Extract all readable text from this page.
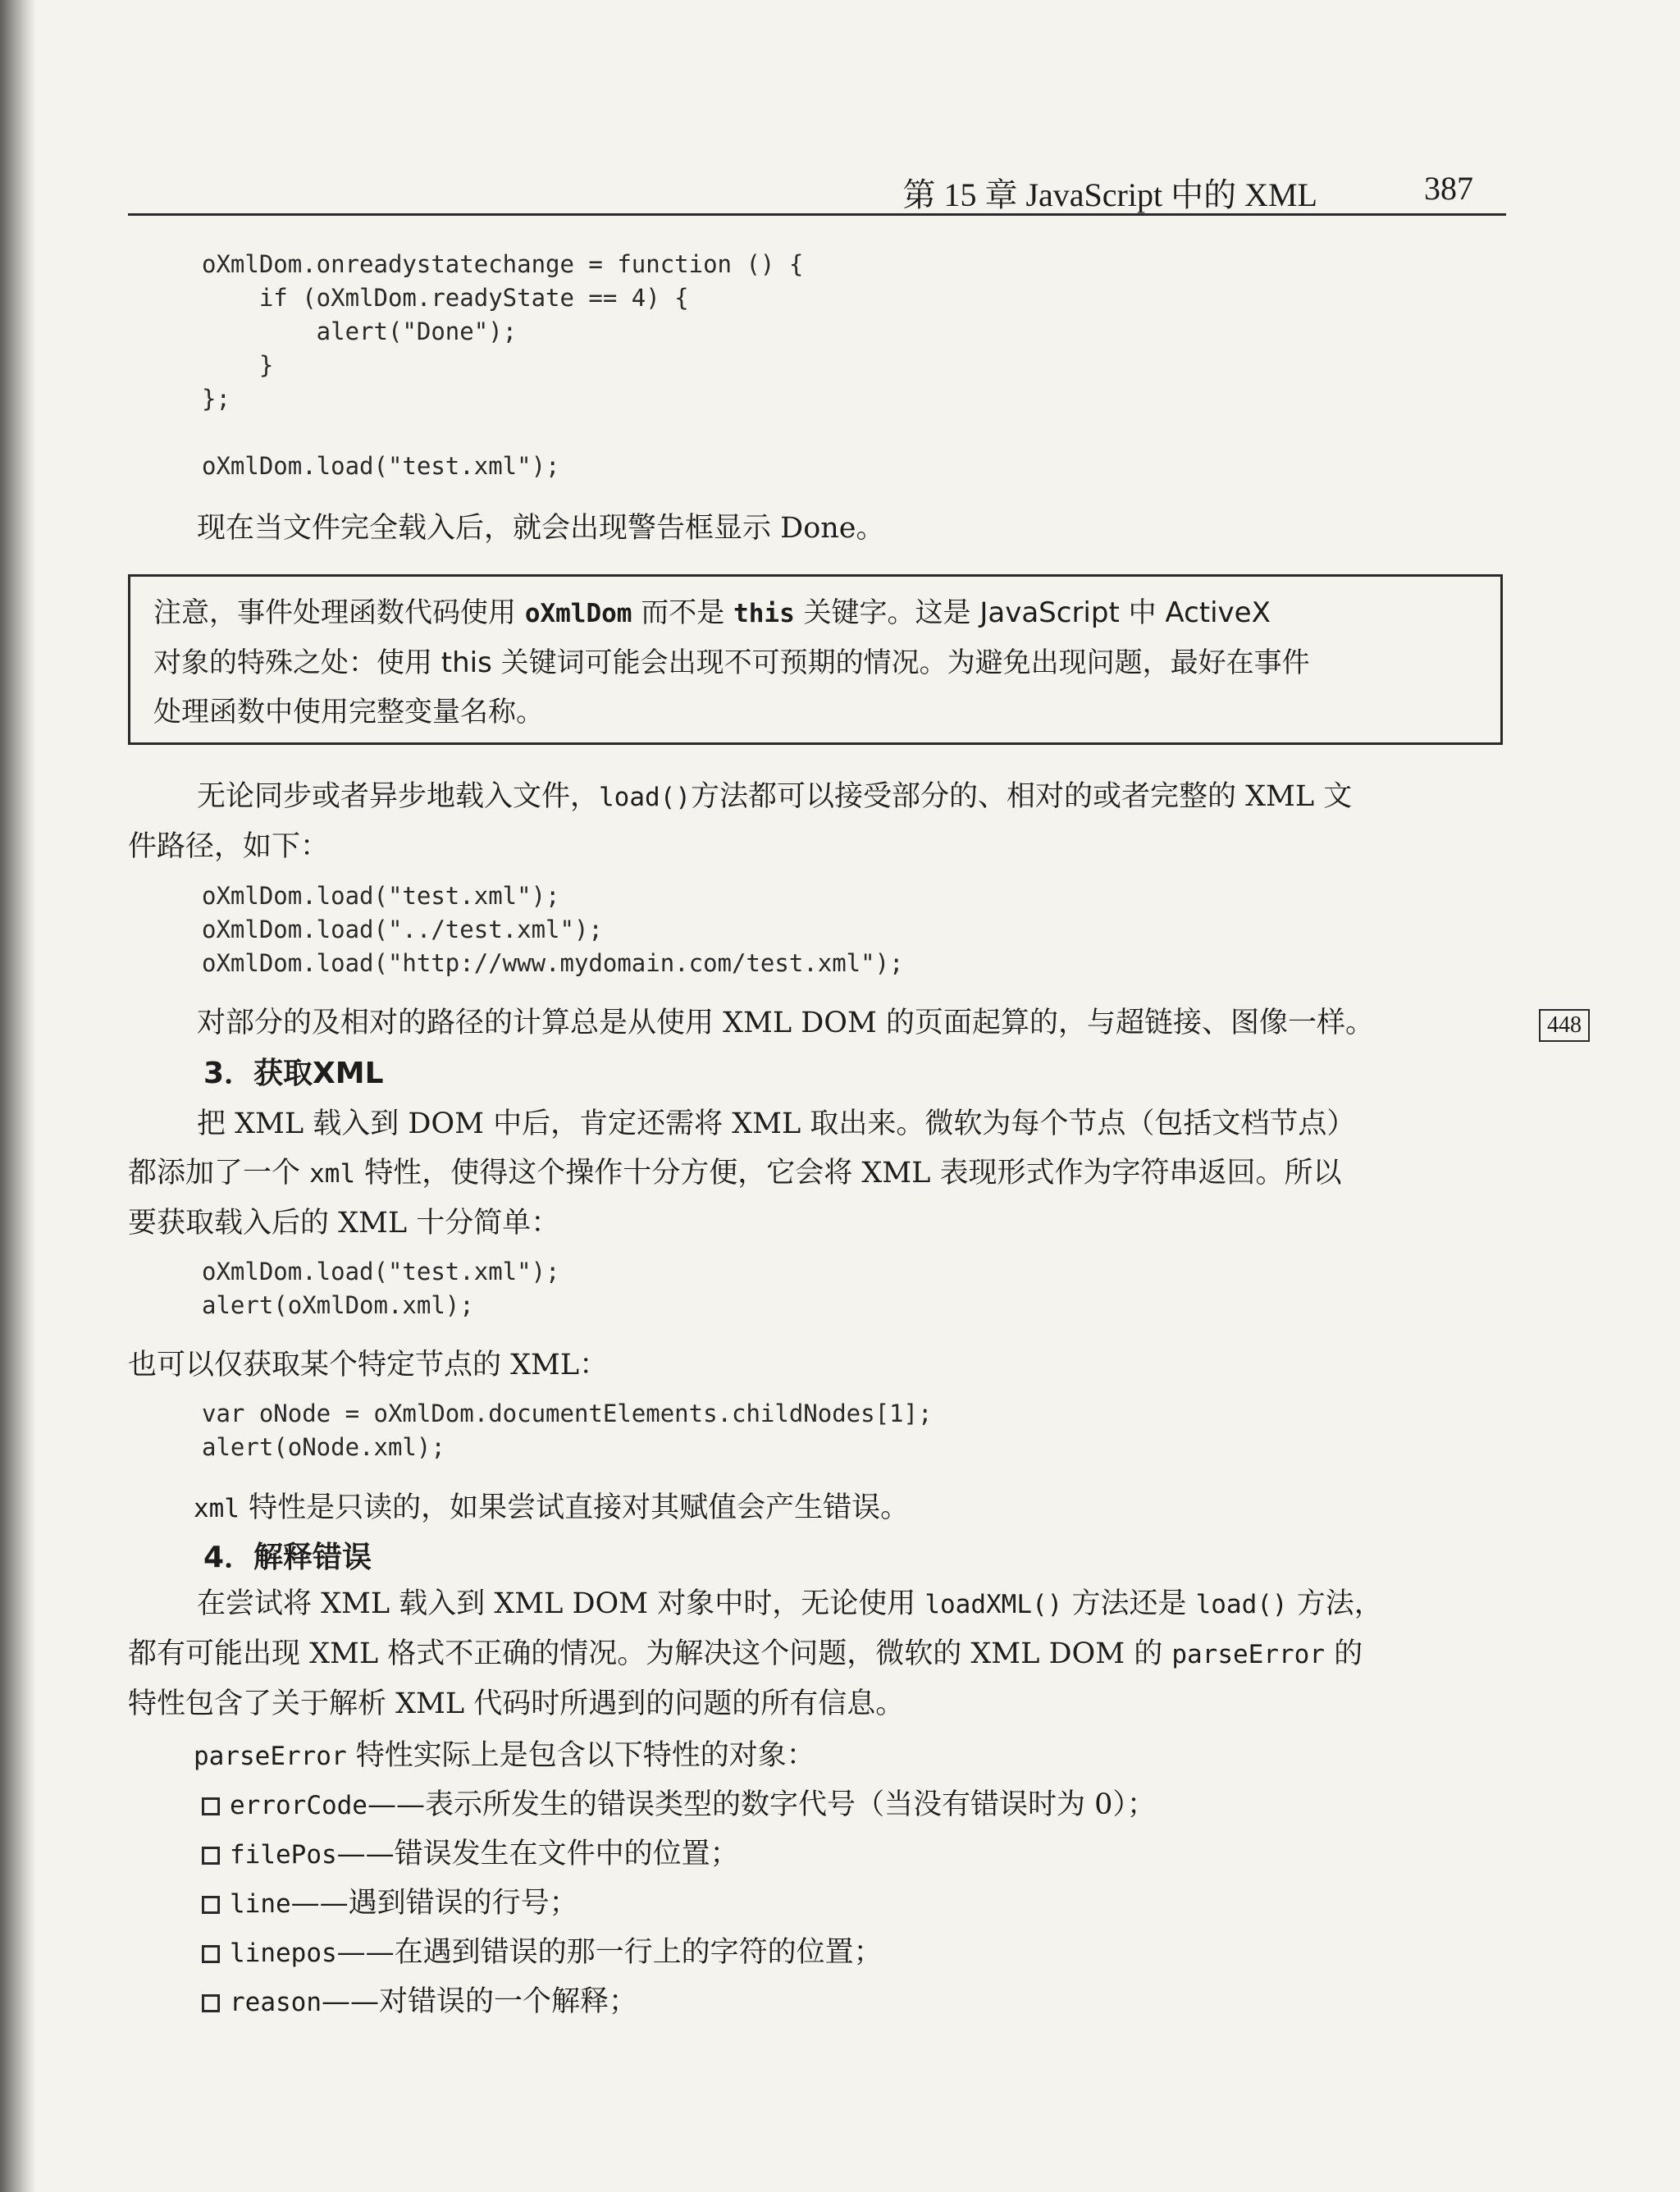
第 15 章 JavaScript 中的 XML	387
oXmlDom.onreadystatechange = function () {
if (oXmlDom.readyState == 4) {
alert("Done");
}
};

oXmlDom.load("test.xml");
现在当文件完全载入后，就会出现警告框显示 Done。

注意，事件处理函数代码使用 oXmlDom 而不是 this 关键字。这是 JavaScript 中 ActiveX

对象的特殊之处：使用 this 关键词可能会出现不可预期的情况。为避免出现问题，最好在事件

处理函数中使用完整变量名称。

无论同步或者异步地载入文件，load()方法都可以接受部分的、相对的或者完整的 XML 文
件路径，如下：
oXmlDom.load("test.xml");
oXmlDom.load("../test.xml");
oXmlDom.load("http://www.mydomain.com/test.xml");
对部分的及相对的路径的计算总是从使用 XML DOM 的页面起算的，与超链接、图像一样。	448
3．获取XML
把 XML 载入到 DOM 中后，肯定还需将 XML 取出来。微软为每个节点（包括文档节点）
都添加了一个 xml 特性，使得这个操作十分方便，它会将 XML 表现形式作为字符串返回。所以
要获取载入后的 XML 十分简单：
oXmlDom.load("test.xml");
alert(oXmlDom.xml);
也可以仅获取某个特定节点的 XML：
var oNode = oXmlDom.documentElements.childNodes[1];
alert(oNode.xml);
xml 特性是只读的，如果尝试直接对其赋值会产生错误。
4．解释错误
在尝试将 XML 载入到 XML DOM 对象中时，无论使用 loadXML() 方法还是 load() 方法，
都有可能出现 XML 格式不正确的情况。为解决这个问题，微软的 XML DOM 的 parseError 的
特性包含了关于解析 XML 代码时所遇到的问题的所有信息。
parseError 特性实际上是包含以下特性的对象：
errorCode——表示所发生的错误类型的数字代号（当没有错误时为 0）；
filePos——错误发生在文件中的位置；
line——遇到错误的行号；
linepos——在遇到错误的那一行上的字符的位置；
reason——对错误的一个解释；
